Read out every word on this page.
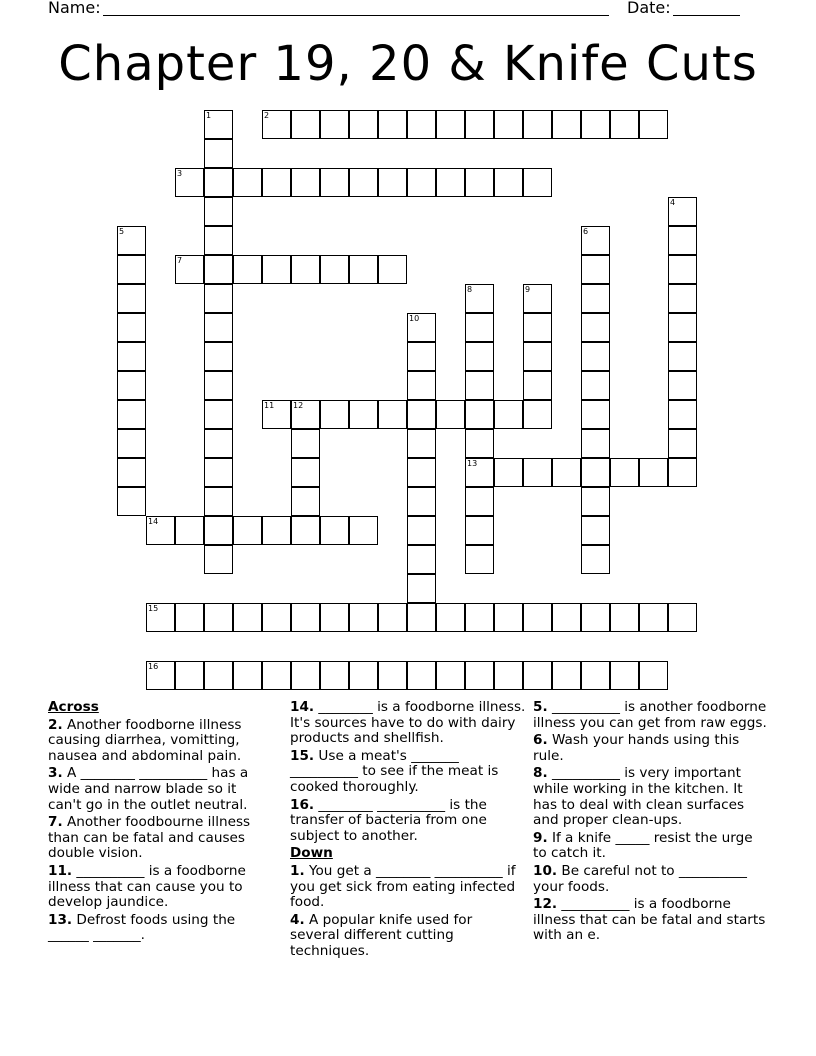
Name:	Date:
Chapter 19, 20 & Knife Cuts
2
3
7
11 12
13
14
15
16
1
4
5	6
8	9
10
Across
2. Another foodborne illness causing diarrhea, vomitting, nausea and abdominal pain.
3. A ________ __________ has a wide and narrow blade so it can't go in the outlet neutral.
7. Another foodbourne illness than can be fatal and causes double vision.
11. __________ is a foodborne illness that can cause you to develop jaundice.
13. Defrost foods using the ______ _______.
14. ________ is a foodborne illness. It's sources have to do with dairy products and shellfish.
15. Use a meat's _______ __________ to see if the meat is cooked thoroughly.
16. ________ __________ is the transfer of bacteria from one subject to another.
Down
1. You get a ________ __________ if you get sick from eating infected food.
4. A popular knife used for several different cutting techniques.
5. __________ is another foodborne illness you can get from raw eggs.
6. Wash your hands using this rule.
8. __________ is very important while working in the kitchen. It has to deal with clean surfaces and proper clean-ups.
9. If a knife _____ resist the urge to catch it.
10. Be careful not to __________ your foods.
12. __________ is a foodborne illness that can be fatal and starts with an e.
